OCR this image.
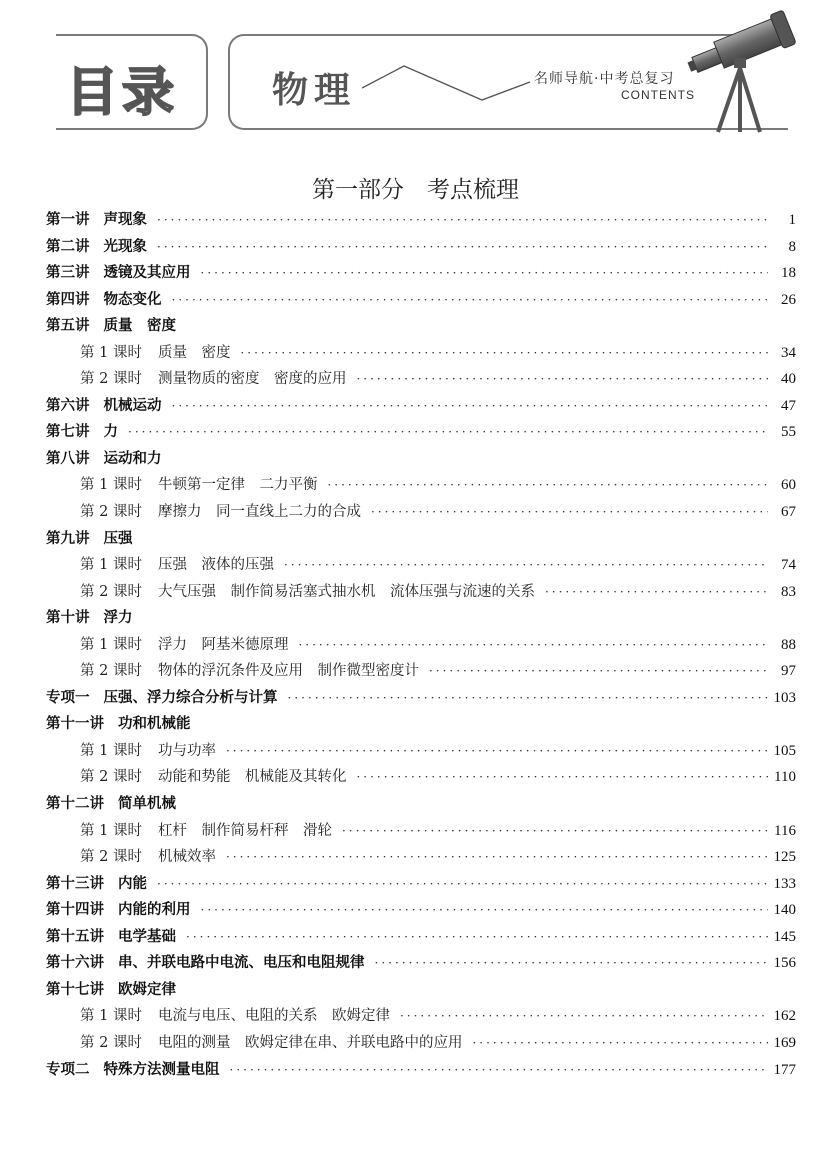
目录	物理	名师导航·中考总复习
CONTENTS
第一部分　考点梳理
第一讲 声现象 ·····	1
第二讲 光现象 ·····	8
第三讲 透镜及其应用 ·····	18
第四讲 物态变化 ·····	26
第五讲 质量　密度
第 1 课时 质量　密度 ·····	34
第 2 课时 测量物质的密度　密度的应用 ·····	40
第六讲 机械运动 ·····	47
第七讲 力 ·····	55
第八讲 运动和力
第 1 课时 牛顿第一定律　二力平衡 ·····	60
第 2 课时 摩擦力　同一直线上二力的合成 ·····	67
第九讲 压强
第 1 课时 压强　液体的压强 ·····	74
第 2 课时 大气压强　制作简易活塞式抽水机　流体压强与流速的关系 ·····	83
第十讲 浮力
第 1 课时 浮力　阿基米德原理 ·····	88
第 2 课时 物体的浮沉条件及应用　制作微型密度计 ·····	97
专项一 压强、浮力综合分析与计算 ·····	103
第十一讲 功和机械能
第 1 课时 功与功率 ·····	105
第 2 课时 动能和势能　机械能及其转化 ·····	110
第十二讲 简单机械
第 1 课时 杠杆　制作简易杆秤　滑轮 ·····	116
第 2 课时 机械效率 ·····	125
第十三讲 内能 ·····	133
第十四讲 内能的利用 ·····	140
第十五讲 电学基础 ·····	145
第十六讲 串、并联电路中电流、电压和电阻规律 ·····	156
第十七讲 欧姆定律
第 1 课时 电流与电压、电阻的关系　欧姆定律 ·····	162
第 2 课时 电阻的测量　欧姆定律在串、并联电路中的应用 ·····	169
专项二 特殊方法测量电阻 ·····	177
